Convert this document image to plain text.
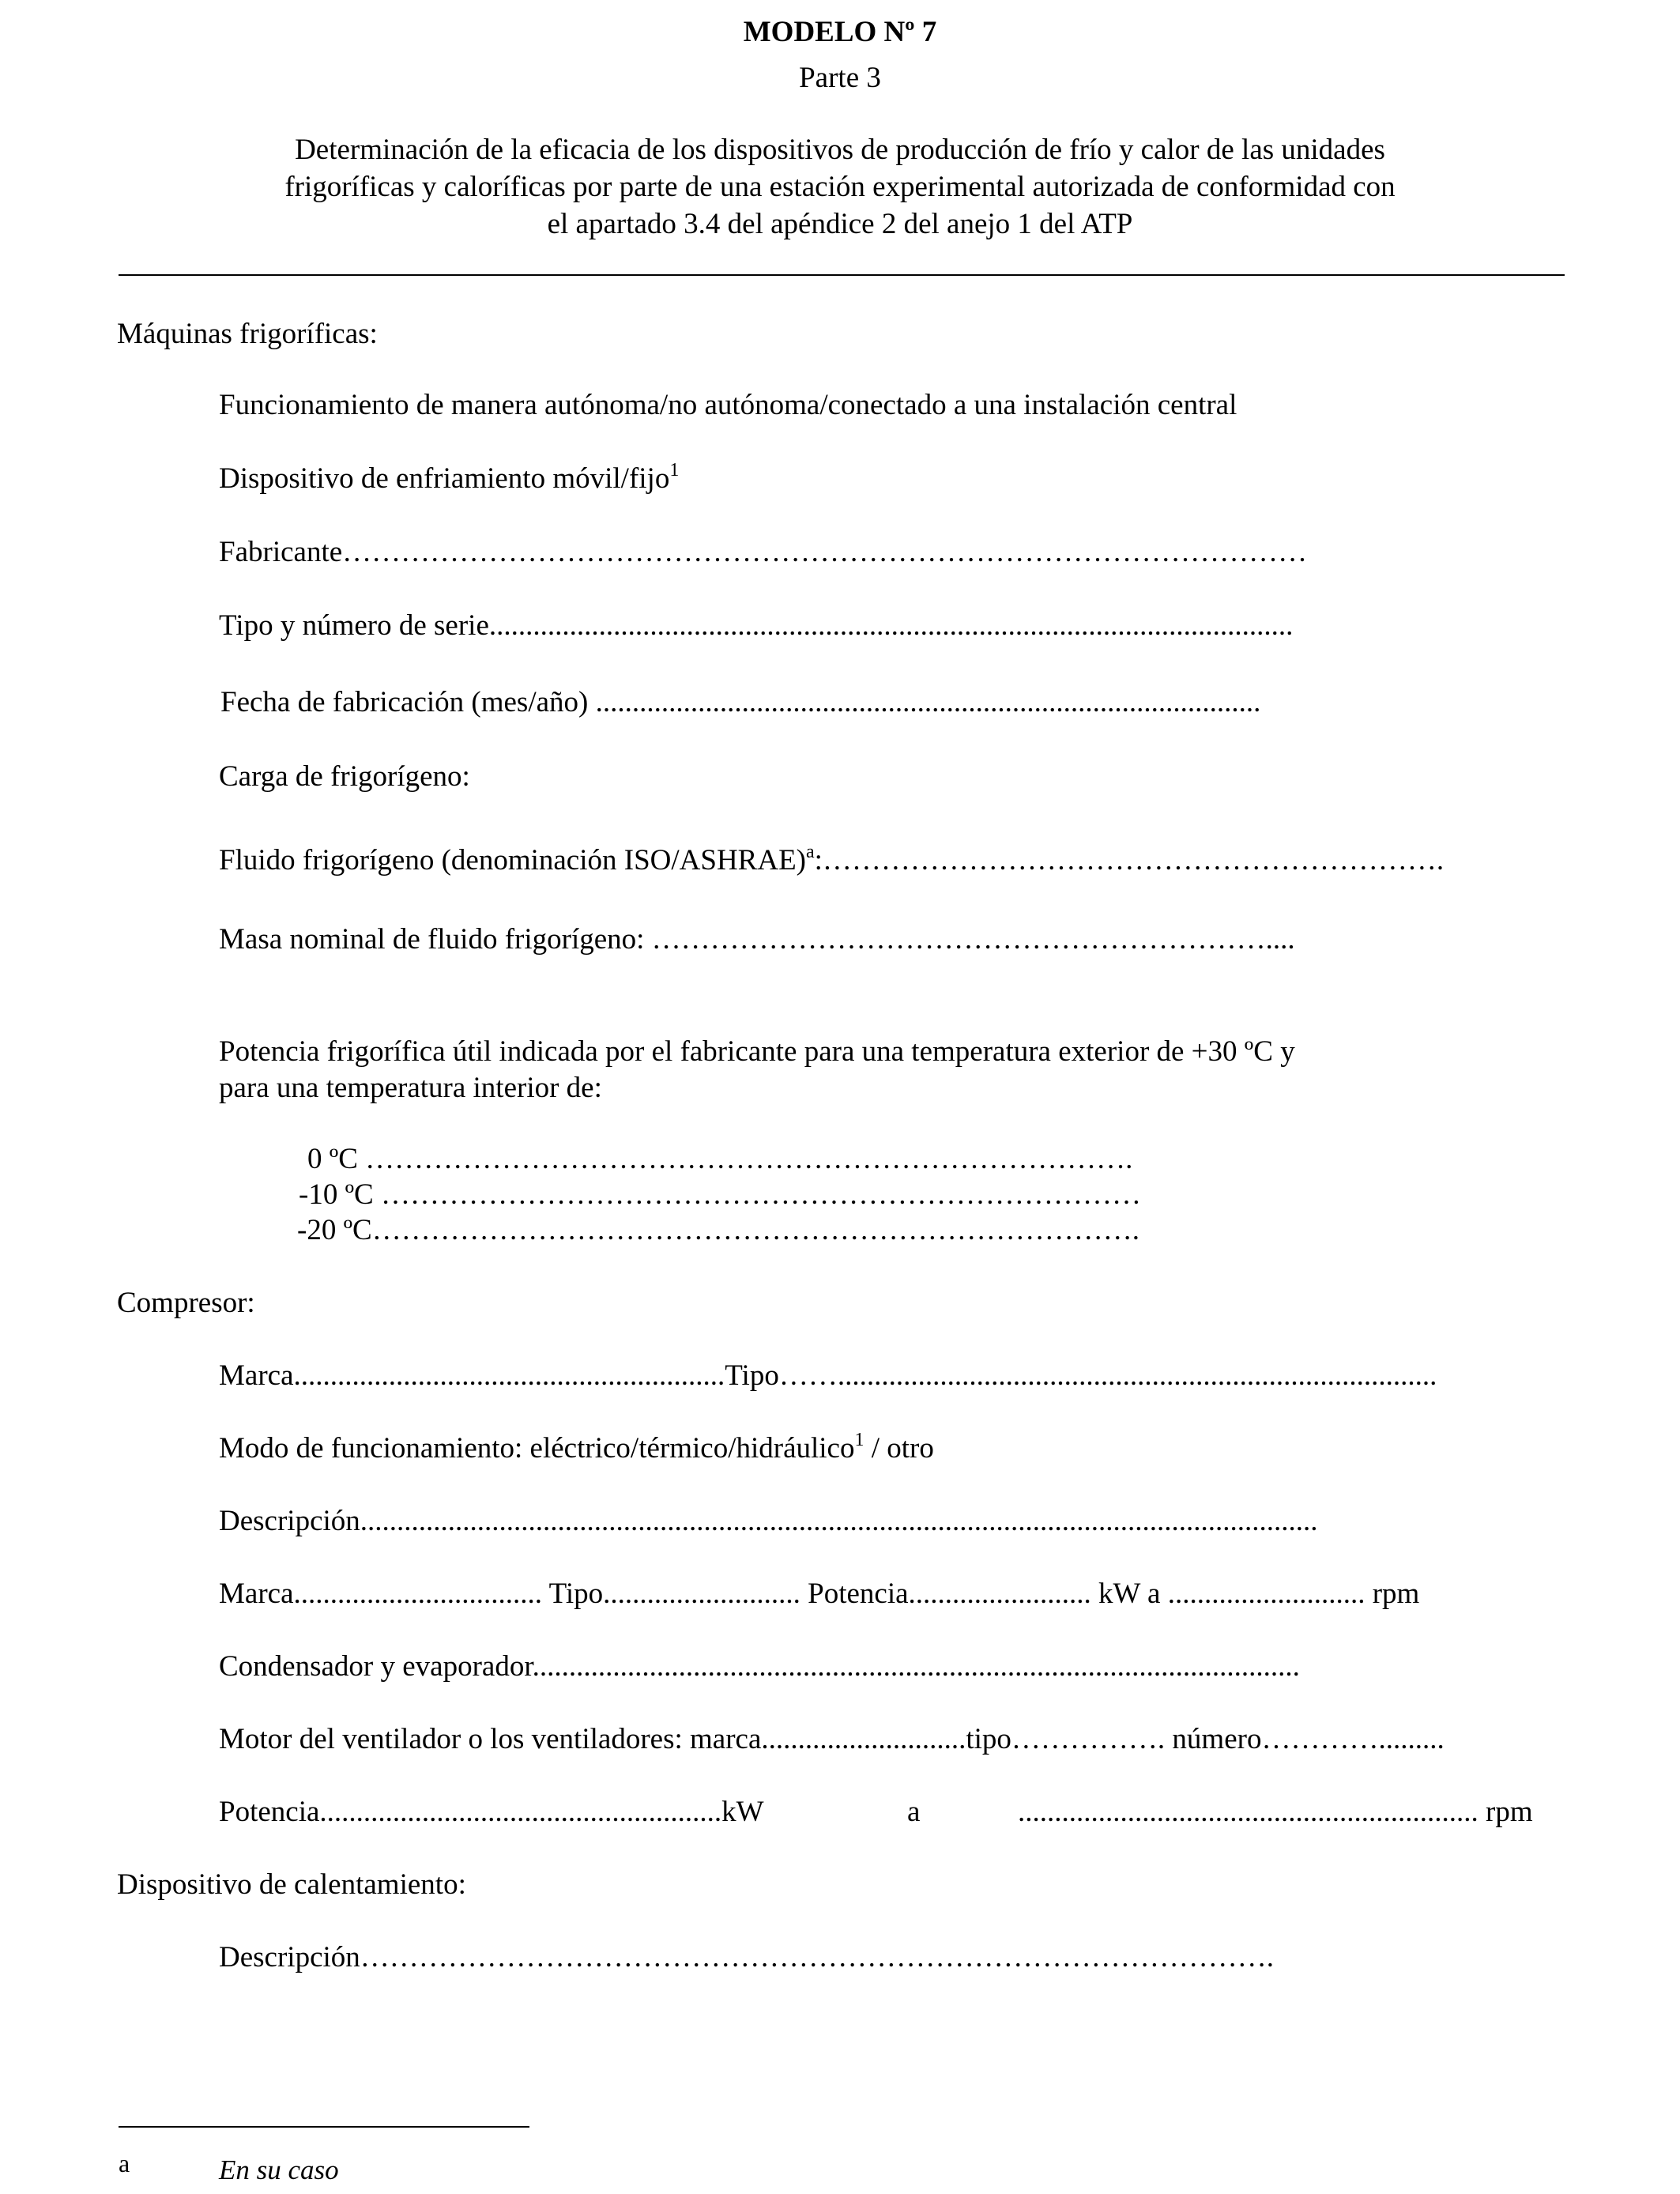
MODELO Nº 7
Parte 3
Determinación de la eficacia de los dispositivos de producción de frío y calor de las unidades
frigoríficas y caloríficas por parte de una estación experimental autorizada de conformidad con
el apartado 3.4 del apéndice 2 del anejo 1 del ATP
Máquinas frigoríficas:
Funcionamiento de manera autónoma/no autónoma/conectado a una instalación central
Dispositivo de enfriamiento móvil/fijo$^1$
Fabricante………………………………………………………………………………………
Tipo y número de serie..............................................................................................................
Fecha de fabricación (mes/año) ...........................................................................................
Carga de frigorígeno:
Fluido frigorígeno (denominación ISO/ASHRAE)$^a$:……………………………………………………….
Masa nominal de fluido frigorígeno: ………………………………………………………....
Potencia frigorífica útil indicada por el fabricante para una temperatura exterior de +30 ºC y
para una temperatura interior de:
0 ºC …………………………………………………………………….
-10 ºC ……………………………………………………………………
-20 ºC…………………………………………………………………….
Compresor:
Marca...........................................................Tipo……..................................................................................
Modo de funcionamiento: eléctrico/térmico/hidráulico$^1$ / otro
Descripción...................................................................................................................................
Marca.................................. Tipo........................... Potencia......................... kW a ........................... rpm
Condensador y evaporador.........................................................................................................
Motor del ventilador o los ventiladores: marca............................tipo……………. número………….........
Potencia.......................................................kW	a	............................................................... rpm
Dispositivo de calentamiento:
Descripción………………………………………………………………………………….
a	En su caso
